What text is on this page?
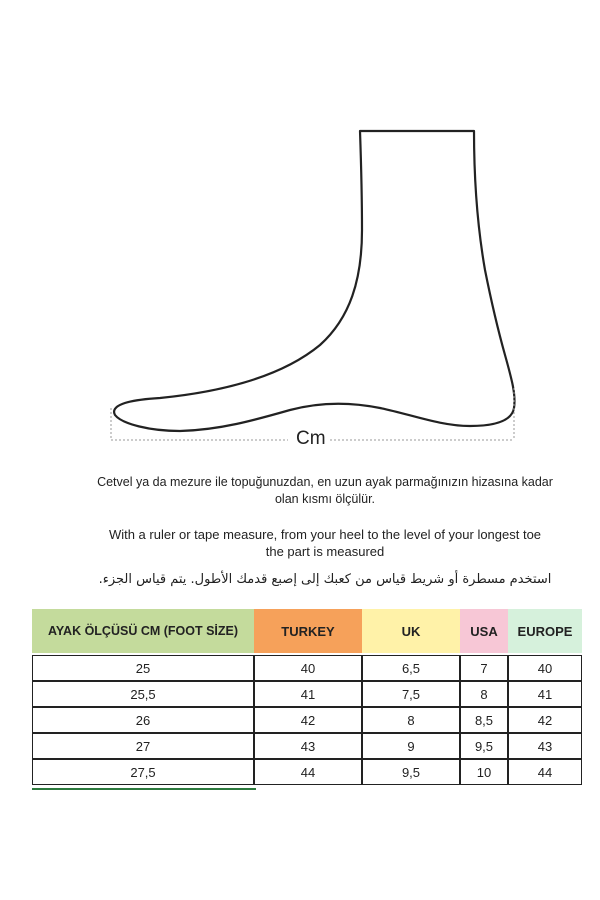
Cm
Cetvel ya da mezure ile topuğunuzdan, en uzun ayak parmağınızın hizasına kadar
olan kısmı ölçülür.
With a ruler or tape measure, from your heel to the level of your longest toe
the part is measured
استخدم مسطرة أو شريط قياس من كعبك إلى إصبع قدمك الأطول. يتم قياس الجزء.
AYAK ÖLÇÜSÜ CM (FOOT SİZE)	TURKEY	UK	USA	EUROPE

25	40	6,5	7	40
25,5	41	7,5	8	41
26	42	8	8,5	42
27	43	9	9,5	43
27,5	44	9,5	10	44
